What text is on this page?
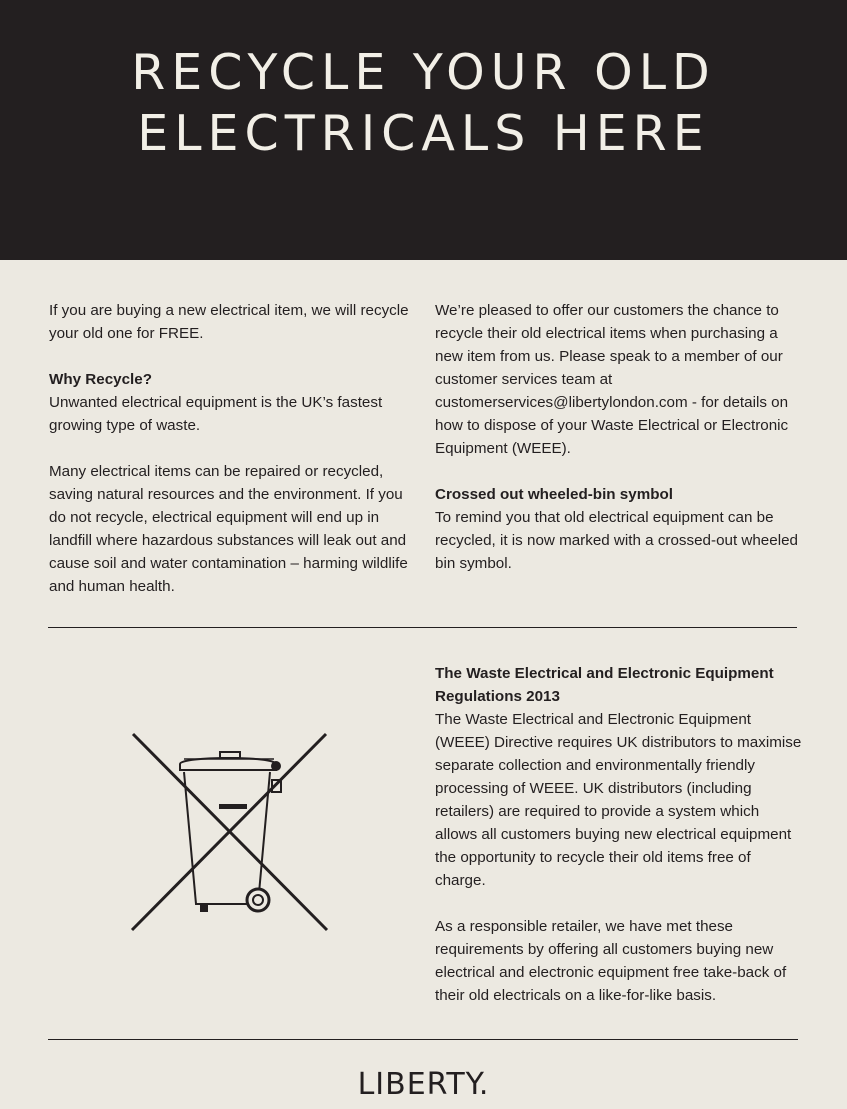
RECYCLE YOUR OLD
ELECTRICALS HERE

If you are buying a new electrical item, we will recycle your old one for FREE.

Why Recycle?
Unwanted electrical equipment is the UK’s fastest growing type of waste.

Many electrical items can be repaired or recycled, saving natural resources and the environment. If you do not recycle, electrical equipment will end up in landfill where hazardous substances will leak out and cause soil and water contamination – harming wildlife and human health.

We’re pleased to offer our customers the chance to recycle their old electrical items when purchasing a new item from us. Please speak to a member of our customer services team at customerservices@libertylondon.com - for details on how to dispose of your Waste Electrical or Electronic Equipment (WEEE).

Crossed out wheeled-bin symbol
To remind you that old electrical equipment can be recycled, it is now marked with a crossed-out wheeled bin symbol.

The Waste Electrical and Electronic Equipment Regulations 2013
The Waste Electrical and Electronic Equipment (WEEE) Directive requires UK distributors to maximise separate collection and environmentally friendly processing of WEEE. UK distributors (including retailers) are required to provide a system which allows all customers buying new electrical equipment the opportunity to recycle their old items free of charge.

As a responsible retailer, we have met these requirements by offering all customers buying new electrical and electronic equipment free take-back of their old electricals on a like-for-like basis.

LIBERTY.
